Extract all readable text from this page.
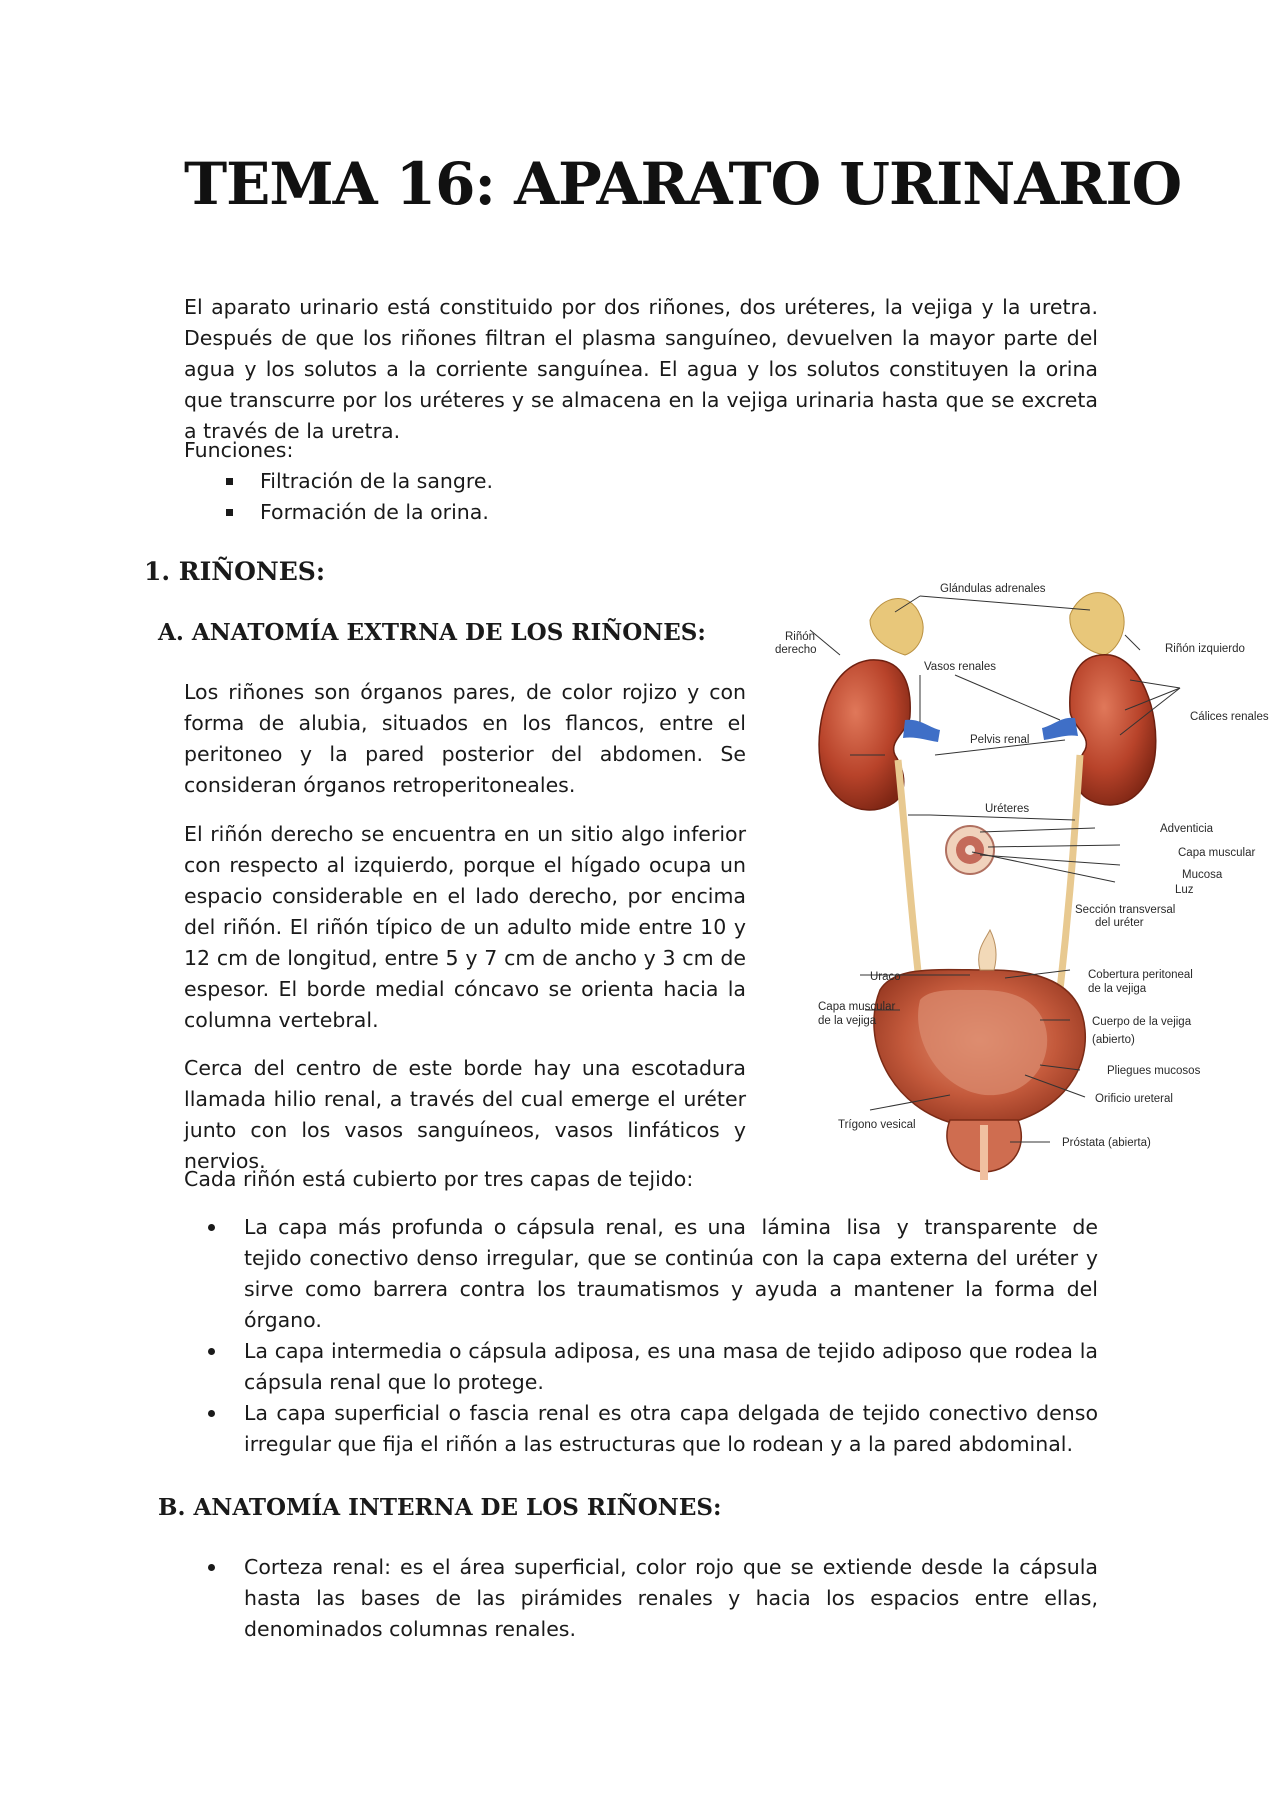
TEMA 16: APARATO URINARIO

El aparato urinario está constituido por dos riñones, dos uréteres, la vejiga y la uretra. Después de que los riñones filtran el plasma sanguíneo, devuelven la mayor parte del agua y los solutos a la corriente sanguínea. El agua y los solutos constituyen la orina que transcurre por los uréteres y se almacena en la vejiga urinaria hasta que se excreta a través de la uretra.

Funciones:

Filtración de la sangre.
Formación de la orina.
1. RIÑONES:
A. ANATOMÍA EXTRNA DE LOS RIÑONES:

Los riñones son órganos pares, de color rojizo y con forma de alubia, situados en los flancos, entre el peritoneo y la pared posterior del abdomen. Se consideran órganos retroperitoneales.

El riñón derecho se encuentra en un sitio algo inferior con respecto al izquierdo, porque el hígado ocupa un espacio considerable en el lado derecho, por encima del riñón. El riñón típico de un adulto mide entre 10 y 12 cm de longitud, entre 5 y 7 cm de ancho y 3 cm de espesor. El borde medial cóncavo se orienta hacia la columna vertebral.

Cerca del centro de este borde hay una escotadura llamada hilio renal, a través del cual emerge el uréter junto con los vasos sanguíneos, vasos linfáticos y nervios.

Cada riñón está cubierto por tres capas de tejido:

La capa más profunda o cápsula renal, es una lámina lisa y transparente de tejido conectivo denso irregular, que se continúa con la capa externa del uréter y sirve como barrera contra los traumatismos y ayuda a mantener la forma del órgano.
La capa intermedia o cápsula adiposa, es una masa de tejido adiposo que rodea la cápsula renal que lo protege.
La capa superficial o fascia renal es otra capa delgada de tejido conectivo denso irregular que fija el riñón a las estructuras que lo rodean y a la pared abdominal.
B. ANATOMÍA INTERNA DE LOS RIÑONES:
Corteza renal: es el área superficial, color rojo que se extiende desde la cápsula hasta las bases de las pirámides renales y hacia los espacios entre ellas, denominados columnas renales.
Glándulas adrenales
Riñón derecho
Vasos renales
Riñón izquierdo
Cálices renales
Pelvis renal
Uréteres
Adventicia
Capa muscular
Mucosa
Luz
Sección transversal del uréter
Uraco
Capa muscular de la vejiga
Cobertura peritoneal de la vejiga
Cuerpo de la vejiga (abierto)
Pliegues mucosos
Orificio ureteral
Trígono vesical
Próstata (abierta)
